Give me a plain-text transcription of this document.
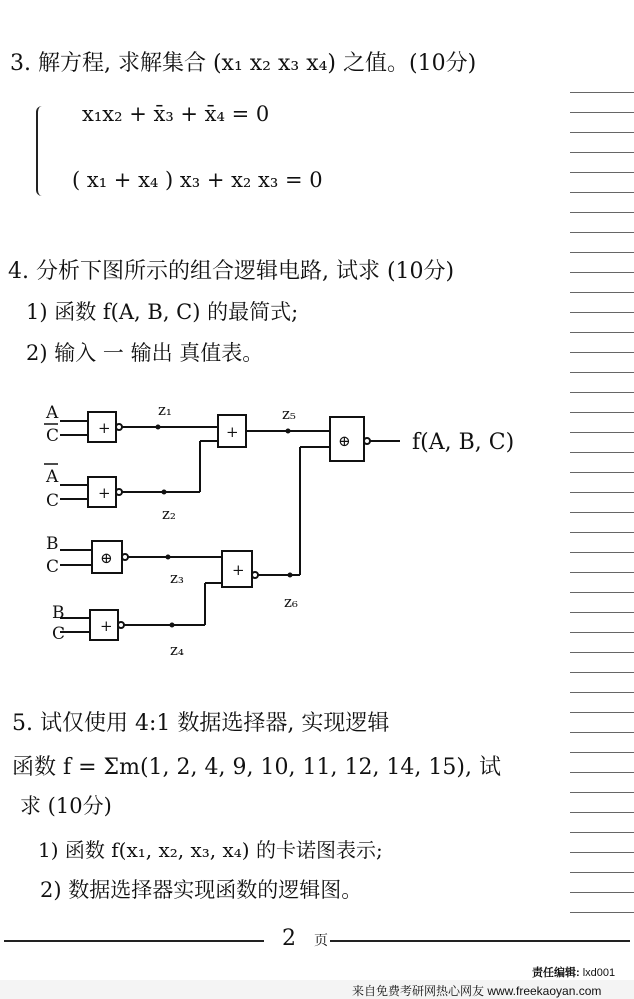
3. 解方程, 求解集合 (x₁ x₂ x₃ x₄) 之值。(10分)
x₁x₂ + x̄₃ + x̄₄ = 0
( x₁ + x₄ ) x₃ + x₂ x₃ = 0
4. 分析下图所示的组合逻辑电路, 试求 (10分)
1) 函数 f(A, B, C) 的最简式;
2) 输入 一 输出 真值表。
+
+
+	⊕
⊕
+
+
A
C
A
C
B
C
B
C
z₁
z₂
z₅
z₃
z₆
z₄
f(A, B, C)
5. 试仅使用 4:1 数据选择器, 实现逻辑
函数 f = Σm(1, 2, 4, 9, 10, 11, 12, 14, 15), 试
求 (10分)
1) 函数 f(x₁, x₂, x₃, x₄) 的卡诺图表示;
2) 数据选择器实现函数的逻辑图。
2 页
责任编辑: lxd001
来自免费考研网热心网友 www.freekaoyan.com
